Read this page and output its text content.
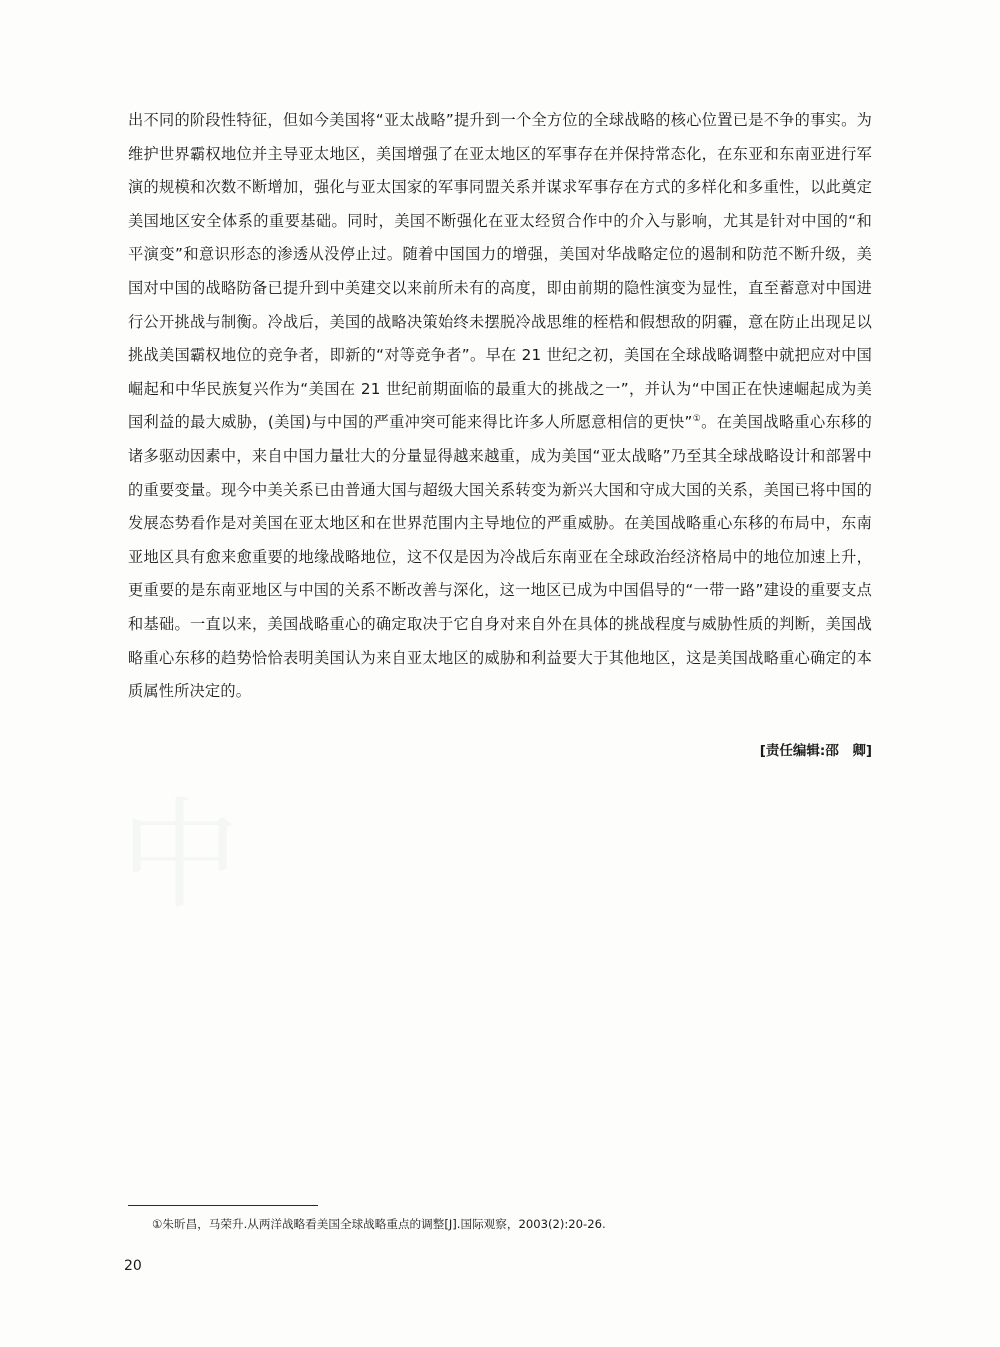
中
出不同的阶段性特征，但如今美国将“亚太战略”提升到一个全方位的全球战略的核心位置已是不争的事实。为维护世界霸权地位并主导亚太地区，美国增强了在亚太地区的军事存在并保持常态化，在东亚和东南亚进行军演的规模和次数不断增加，强化与亚太国家的军事同盟关系并谋求军事存在方式的多样化和多重性，以此奠定美国地区安全体系的重要基础。同时，美国不断强化在亚太经贸合作中的介入与影响，尤其是针对中国的“和平演变”和意识形态的渗透从没停止过。随着中国国力的增强，美国对华战略定位的遏制和防范不断升级，美国对中国的战略防备已提升到中美建交以来前所未有的高度，即由前期的隐性演变为显性，直至蓄意对中国进行公开挑战与制衡。冷战后，美国的战略决策始终未摆脱冷战思维的桎梏和假想敌的阴霾，意在防止出现足以挑战美国霸权地位的竞争者，即新的“对等竞争者”。早在 21 世纪之初，美国在全球战略调整中就把应对中国崛起和中华民族复兴作为“美国在 21 世纪前期面临的最重大的挑战之一”，并认为“中国正在快速崛起成为美国利益的最大威胁，(美国)与中国的严重冲突可能来得比许多人所愿意相信的更快”①。在美国战略重心东移的诸多驱动因素中，来自中国力量壮大的分量显得越来越重，成为美国“亚太战略”乃至其全球战略设计和部署中的重要变量。现今中美关系已由普通大国与超级大国关系转变为新兴大国和守成大国的关系，美国已将中国的发展态势看作是对美国在亚太地区和在世界范围内主导地位的严重威胁。在美国战略重心东移的布局中，东南亚地区具有愈来愈重要的地缘战略地位，这不仅是因为冷战后东南亚在全球政治经济格局中的地位加速上升，更重要的是东南亚地区与中国的关系不断改善与深化，这一地区已成为中国倡导的“一带一路”建设的重要支点和基础。一直以来，美国战略重心的确定取决于它自身对来自外在具体的挑战程度与威胁性质的判断，美国战略重心东移的趋势恰恰表明美国认为来自亚太地区的威胁和利益要大于其他地区，这是美国战略重心确定的本质属性所决定的。
[责任编辑:邵　卿]
①朱昕昌，马荣升.从两洋战略看美国全球战略重点的调整[J].国际观察，2003(2):20-26.
20
